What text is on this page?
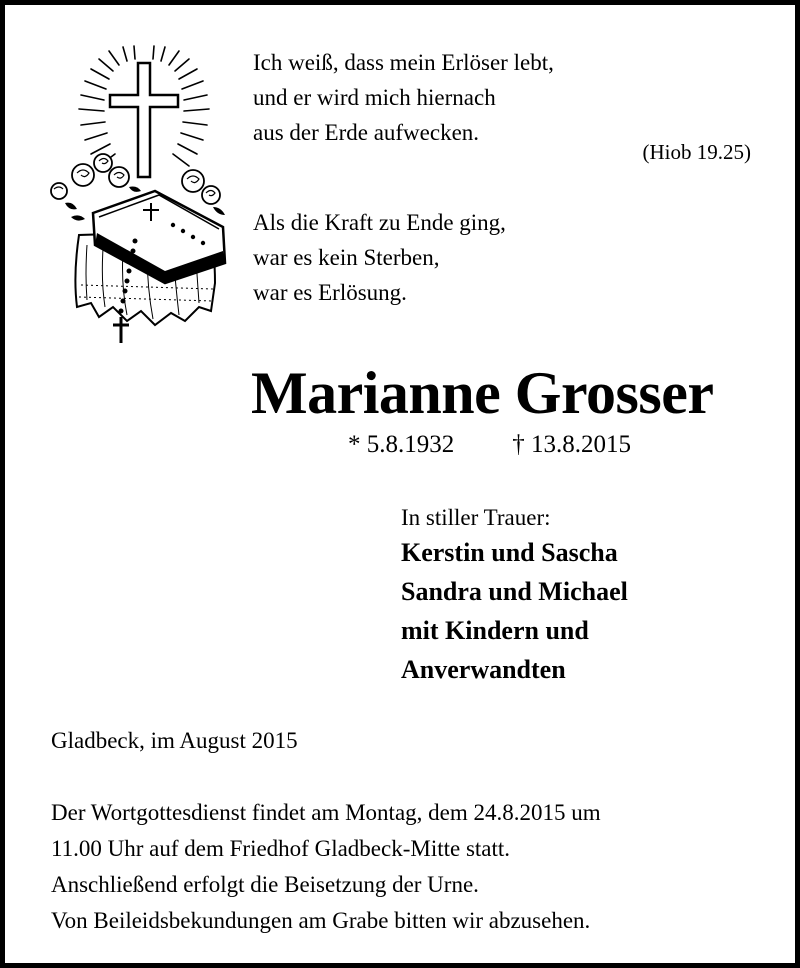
Ich weiß, dass mein Erlöser lebt,

und er wird mich hiernach

aus der Erde aufwecken.

(Hiob 19.25)

Als die Kraft zu Ende ging,

war es kein Sterben,

war es Erlösung.

Marianne Grosser
* 5.8.1932 † 13.8.2015
In stiller Trauer:
Kerstin und Sascha
Sandra und Michael
mit Kindern und
Anverwandten
Gladbeck, im August 2015

Der Wortgottesdienst findet am Montag, dem 24.8.2015 um

11.00 Uhr auf dem Friedhof Gladbeck-Mitte statt.

Anschließend erfolgt die Beisetzung der Urne.

Von Beileidsbekundungen am Grabe bitten wir abzusehen.
